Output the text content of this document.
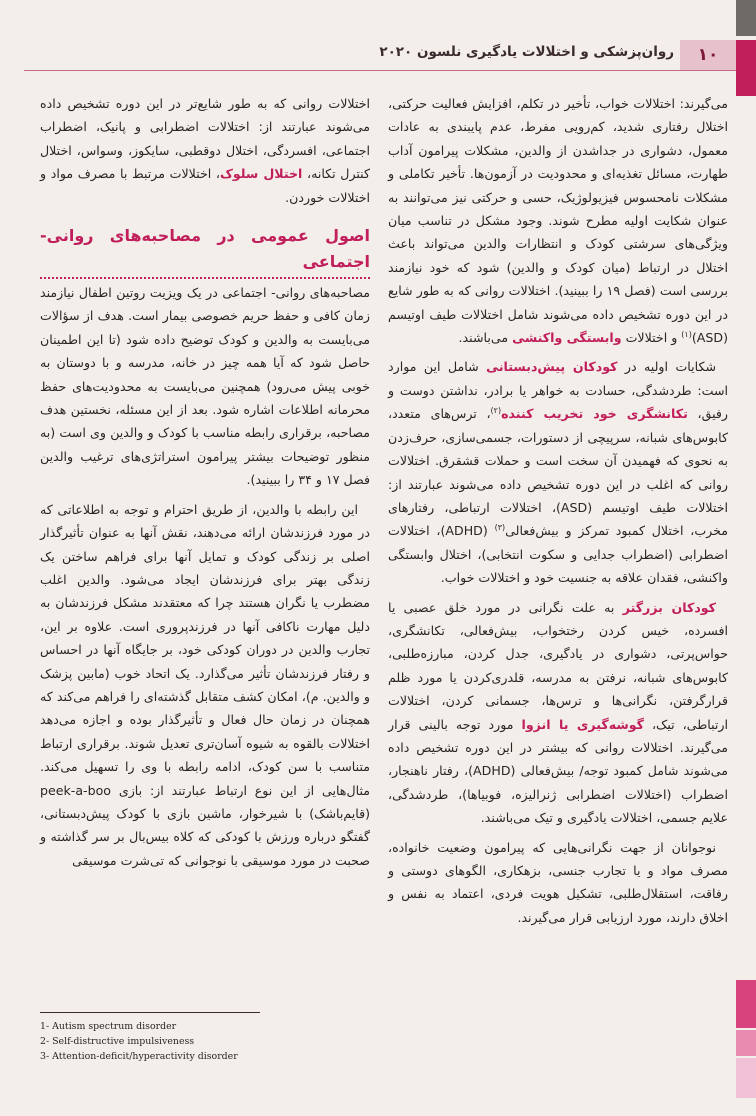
۱۰
روان‌پزشکی و اختلالات یادگیری نلسون ۲۰۲۰

می‌گیرند: اختلالات خواب، تأخیر در تکلم، افزایش فعالیت حرکتی، اختلال رفتاری شدید، کم‌رویی مفرط، عدم پایبندی به عادات معمول، دشواری در جداشدن از والدین، مشکلات پیرامون آداب طهارت، مسائل تغذیه‌ای و محدودیت در آزمون‌ها. تأخیر تکاملی و مشکلات نامحسوس فیزیولوژیک، حسی و حرکتی نیز می‌توانند به عنوان شکایت اولیه مطرح شوند. وجود مشکل در تناسب میان ویژگی‌های سرشتی کودک و انتظارات والدین می‌تواند باعث اختلال در ارتباط (میان کودک و والدین) شود که خود نیازمند بررسی است (فصل ۱۹ را ببینید). اختلالات روانی که به طور شایع در این دوره تشخیص داده می‌شوند شامل اختلالات طیف اوتیسم (ASD)$^{(۱)}$ و اختلالات وابستگی واکنشی می‌باشند.

شکایات اولیه در کودکان پیش‌دبستانی شامل این موارد است: طردشدگی، حسادت به خواهر یا برادر، نداشتن دوست و رفیق، تکانشگری خود تخریب کننده$^{(۲)}$، ترس‌های متعدد، کابوس‌های شبانه، سرپیچی از دستورات، جسمی‌سازی، حرف‌زدن به نحوی که فهمیدن آن سخت است و حملات قشقرق. اختلالات روانی که اغلب در این دوره تشخیص داده می‌شوند عبارتند از: اختلالات طیف اوتیسم (ASD)، اختلالات ارتباطی، رفتارهای مخرب، اختلال کمبود تمرکز و بیش‌فعالی$^{(۳)}$ (ADHD)، اختلالات اضطرابی (اضطراب جدایی و سکوت انتخابی)، اختلال وابستگی واکنشی، فقدان علاقه به جنسیت خود و اختلالات خواب.

کودکان بزرگتر به علت نگرانی در مورد خلق عصبی یا افسرده، خیس کردن رختخواب، بیش‌فعالی، تکانشگری، حواس‌پرتی، دشواری در یادگیری، جدل کردن، مبارزه‌طلبی، کابوس‌های شبانه، نرفتن به مدرسه، قلدری‌کردن یا مورد ظلم قرارگرفتن، نگرانی‌ها و ترس‌ها، جسمانی کردن، اختلالات ارتباطی، تیک، گوشه‌گیری یا انزوا مورد توجه بالینی قرار می‌گیرند. اختلالات روانی که بیشتر در این دوره تشخیص داده می‌شوند شامل کمبود توجه/ بیش‌فعالی (ADHD)، رفتار ناهنجار، اضطراب (اختلالات اضطرابی ژنرالیزه، فوبیاها)، طردشدگی، علایم جسمی، اختلالات یادگیری و تیک می‌باشند.

نوجوانان از جهت نگرانی‌هایی که پیرامون وضعیت خانواده، مصرف مواد و یا تجارب جنسی، بزهکاری، الگوهای دوستی و رفاقت، استقلال‌طلبی، تشکیل هویت فردی، اعتماد به نفس و اخلاق دارند، مورد ارزیابی قرار می‌گیرند.

اختلالات روانی که به طور شایع‌تر در این دوره تشخیص داده می‌شوند عبارتند از: اختلالات اضطرابی و پانیک، اضطراب اجتماعی، افسردگی، اختلال دوقطبی، سایکوز، وسواس، اختلال کنترل تکانه، اختلال سلوک، اختلالات مرتبط با مصرف مواد و اختلالات خوردن.

اصول عمومی در مصاحبه‌های روانی- اجتماعی

مصاحبه‌های روانی- اجتماعی در یک ویزیت روتین اطفال نیازمند زمان کافی و حفظ حریم خصوصی بیمار است. هدف از سؤالات می‌بایست به والدین و کودک توضیح داده شود (تا این اطمینان حاصل شود که آیا همه چیز در خانه، مدرسه و با دوستان به خوبی پیش می‌رود) همچنین می‌بایست به محدودیت‌های حفظ محرمانه اطلاعات اشاره شود. بعد از این مسئله، نخستین هدف مصاحبه، برقراری رابطه مناسب با کودک و والدین وی است (به منظور توضیحات بیشتر پیرامون استراتژی‌های ترغیب والدین فصل ۱۷ و ۳۴ را ببینید).

این رابطه با والدین، از طریق احترام و توجه به اطلاعاتی که در مورد فرزندشان ارائه می‌دهند، نقش آنها به عنوان تأثیرگذار اصلی بر زندگی کودک و تمایل آنها برای فراهم ساختن یک زندگی بهتر برای فرزندشان ایجاد می‌شود. والدین اغلب مضطرب یا نگران هستند چرا که معتقدند مشکل فرزندشان به دلیل مهارت ناکافی آنها در فرزندپروری است. علاوه بر این، تجارب والدین در دوران کودکی خود، بر جایگاه آنها در احساس و رفتار فرزندشان تأثیر می‌گذارد. یک اتحاد خوب (مابین پزشک و والدین. م)، امکان کشف متقابل گذشته‌ای را فراهم می‌کند که همچنان در زمان حال فعال و تأثیرگذار بوده و اجازه می‌دهد اختلالات بالقوه به شیوه آسان‌تری تعدیل شوند. برقراری ارتباط متناسب با سن کودک، ادامه رابطه با وی را تسهیل می‌کند. مثال‌هایی از این نوع ارتباط عبارتند از: بازی peek-a-boo (قایم‌باشک) با شیرخوار، ماشین بازی با کودک پیش‌دبستانی، گفتگو درباره ورزش با کودکی که کلاه بیس‌بال بر سر گذاشته و صحبت در مورد موسیقی با نوجوانی که تی‌شرت موسیقی

1- Autism spectrum disorder
2- Self-distructive impulsiveness
3- Attention-deficit/hyperactivity disorder
